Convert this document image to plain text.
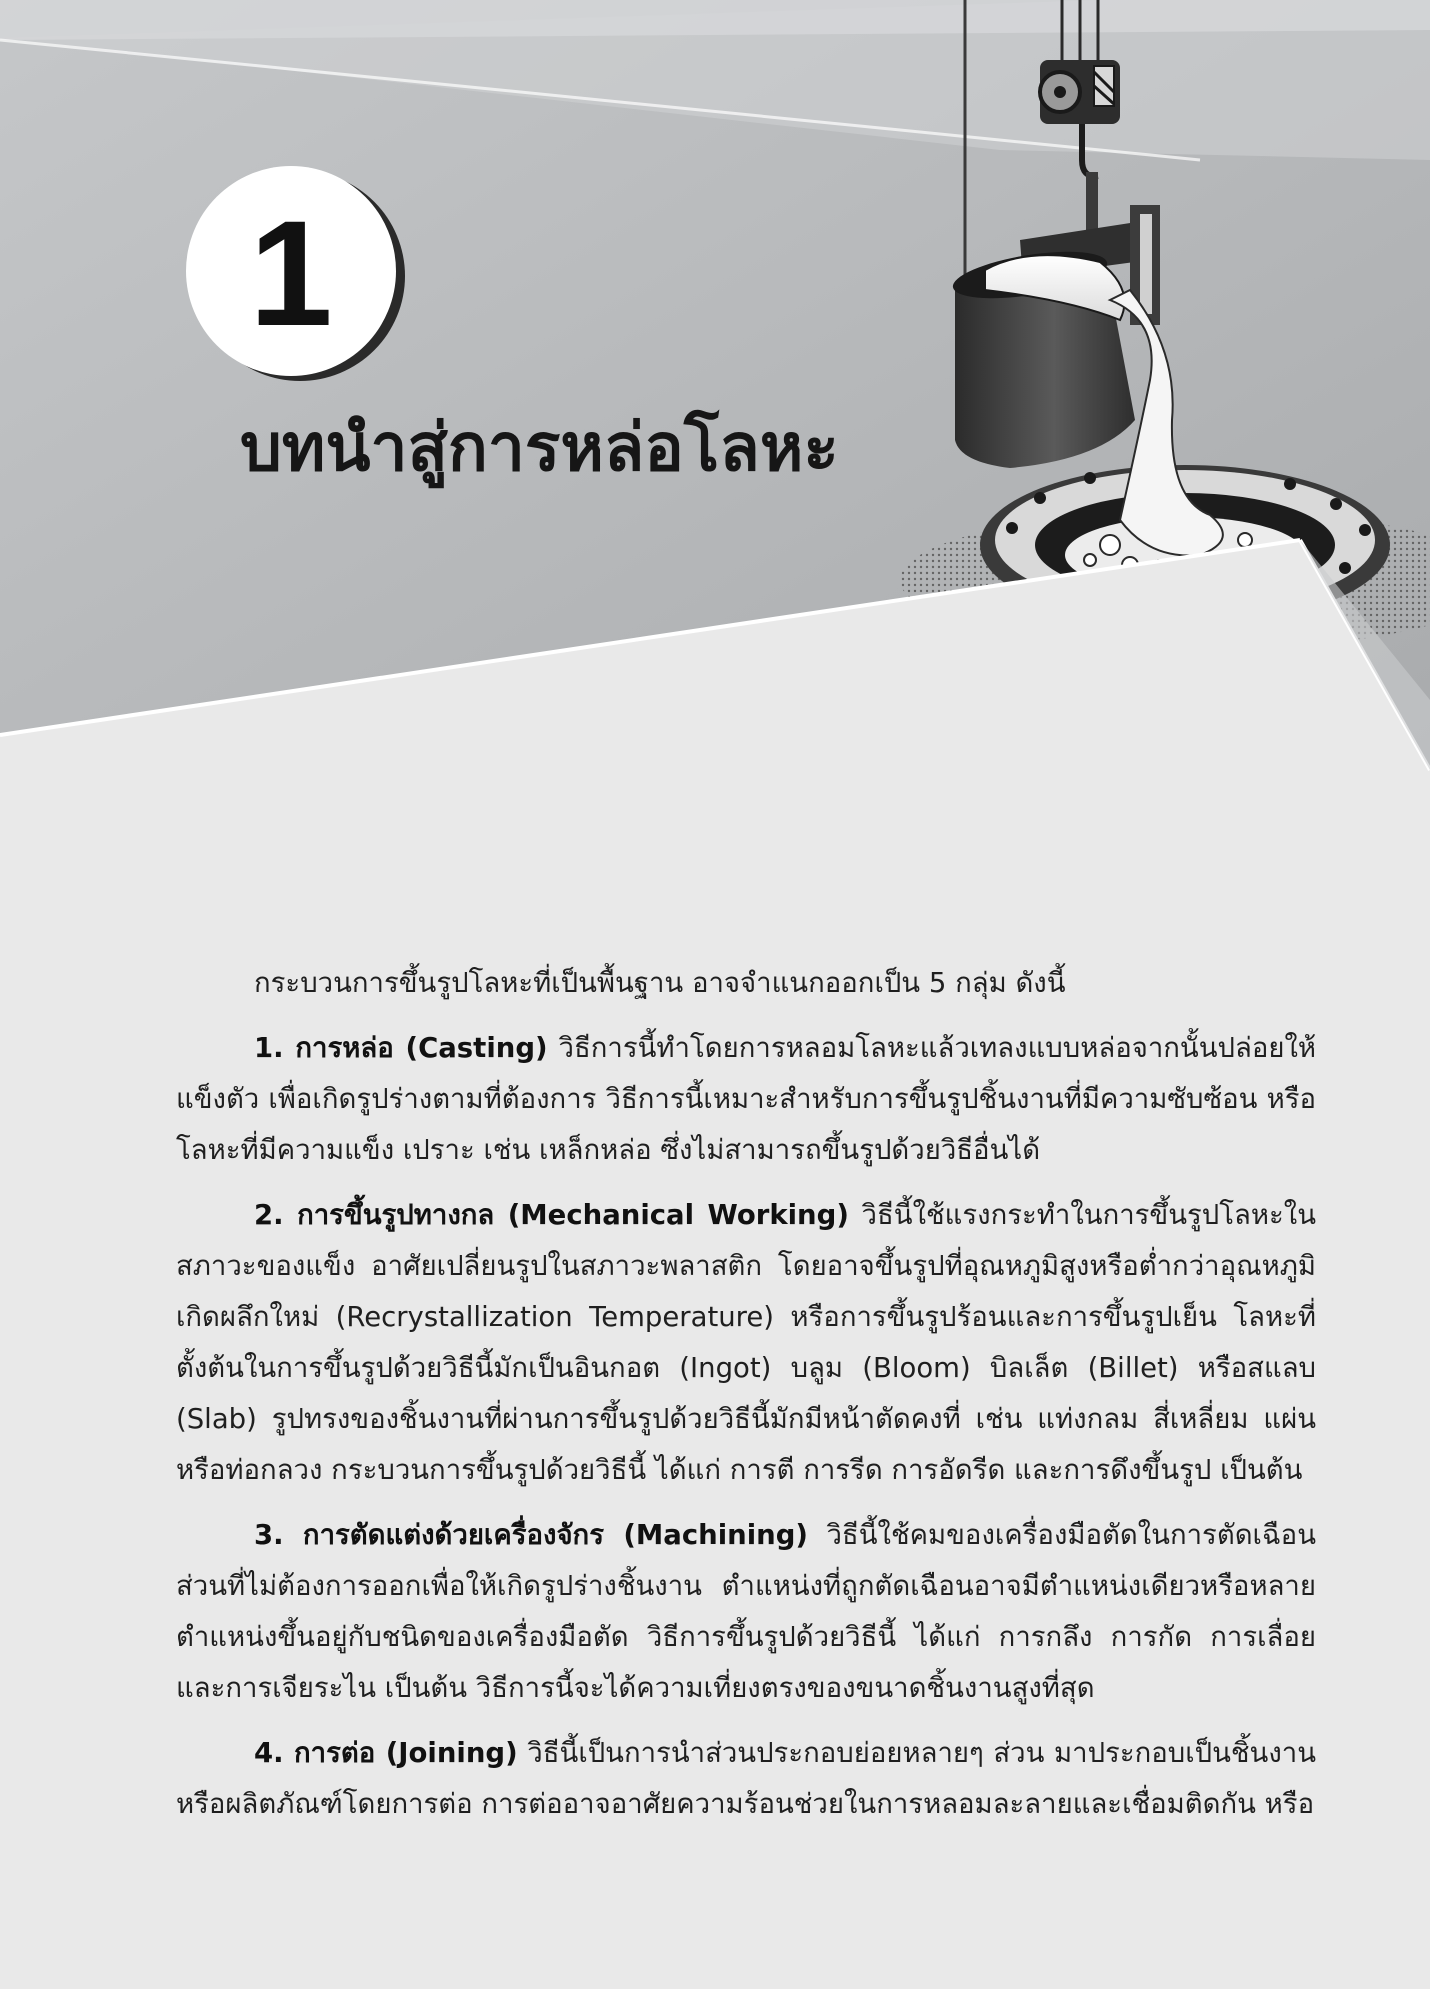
1
บทนำสู่การหล่อโลหะ

กระบวนการขึ้นรูปโลหะที่เป็นพื้นฐาน อาจจำแนกออกเป็น 5 กลุ่ม ดังนี้

1. การหล่อ (Casting) วิธีการนี้ทำโดยการหลอมโลหะแล้วเทลงแบบหล่อจากนั้นปล่อยให้แข็งตัว เพื่อเกิดรูปร่างตามที่ต้องการ วิธีการนี้เหมาะสำหรับการขึ้นรูปชิ้นงานที่มีความซับซ้อน หรือโลหะที่มีความแข็ง เปราะ เช่น เหล็กหล่อ ซึ่งไม่สามารถขึ้นรูปด้วยวิธีอื่นได้

2. การขึ้นรูปทางกล (Mechanical Working) วิธีนี้ใช้แรงกระทำในการขึ้นรูปโลหะในสภาวะของแข็ง อาศัยเปลี่ยนรูปในสภาวะพลาสติก โดยอาจขึ้นรูปที่อุณหภูมิสูงหรือต่ำกว่าอุณหภูมิเกิดผลึกใหม่ (Recrystallization Temperature) หรือการขึ้นรูปร้อนและการขึ้นรูปเย็น โลหะที่ตั้งต้นในการขึ้นรูปด้วยวิธีนี้มักเป็นอินกอต (Ingot) บลูม (Bloom) บิลเล็ต (Billet) หรือสแลบ (Slab) รูปทรงของชิ้นงานที่ผ่านการขึ้นรูปด้วยวิธีนี้มักมีหน้าตัดคงที่ เช่น แท่งกลม สี่เหลี่ยม แผ่น หรือท่อกลวง กระบวนการขึ้นรูปด้วยวิธีนี้ ได้แก่ การตี การรีด การอัดรีด และการดึงขึ้นรูป เป็นต้น

3. การตัดแต่งด้วยเครื่องจักร (Machining) วิธีนี้ใช้คมของเครื่องมือตัดในการตัดเฉือนส่วนที่ไม่ต้องการออกเพื่อให้เกิดรูปร่างชิ้นงาน ตำแหน่งที่ถูกตัดเฉือนอาจมีตำแหน่งเดียวหรือหลายตำแหน่งขึ้นอยู่กับชนิดของเครื่องมือตัด วิธีการขึ้นรูปด้วยวิธีนี้ ได้แก่ การกลึง การกัด การเลื่อย และการเจียระไน เป็นต้น วิธีการนี้จะได้ความเที่ยงตรงของขนาดชิ้นงานสูงที่สุด

4. การต่อ (Joining) วิธีนี้เป็นการนำส่วนประกอบย่อยหลายๆ ส่วน มาประกอบเป็นชิ้นงานหรือผลิตภัณฑ์โดยการต่อ การต่ออาจอาศัยความร้อนช่วยในการหลอมละลายและเชื่อมติดกัน หรือ
